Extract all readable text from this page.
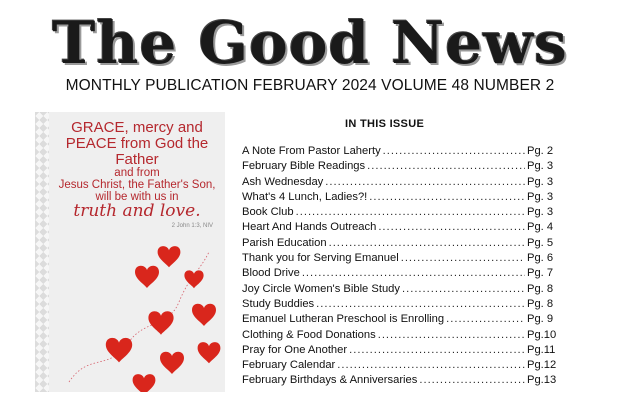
The Good News
MONTHLY PUBLICATION FEBRUARY 2024 VOLUME 48 NUMBER 2
GRACE, mercy and
PEACE from God the Father
and from
Jesus Christ, the Father's Son,
will be with us in
truth and love.
2 John 1:3, NIV
IN THIS ISSUE
A Note From Pastor Laherty .....	Pg. 2
February Bible Readings .....	Pg. 3
Ash Wednesday .....	Pg. 3
What's 4 Lunch, Ladies?! .....	Pg. 3
Book Club .....	Pg. 3
Heart And Hands Outreach .....	Pg. 4
Parish Education .....	Pg. 5
Thank you for Serving Emanuel .....	Pg. 6
Blood Drive .....	Pg. 7
Joy Circle Women's Bible Study .....	Pg. 8
Study Buddies .....	Pg. 8
Emanuel Lutheran Preschool is Enrolling .....	Pg. 9
Clothing & Food Donations .....	Pg.10
Pray for One Another .....	Pg.11
February Calendar .....	Pg.12
February Birthdays & Anniversaries .....	Pg.13
